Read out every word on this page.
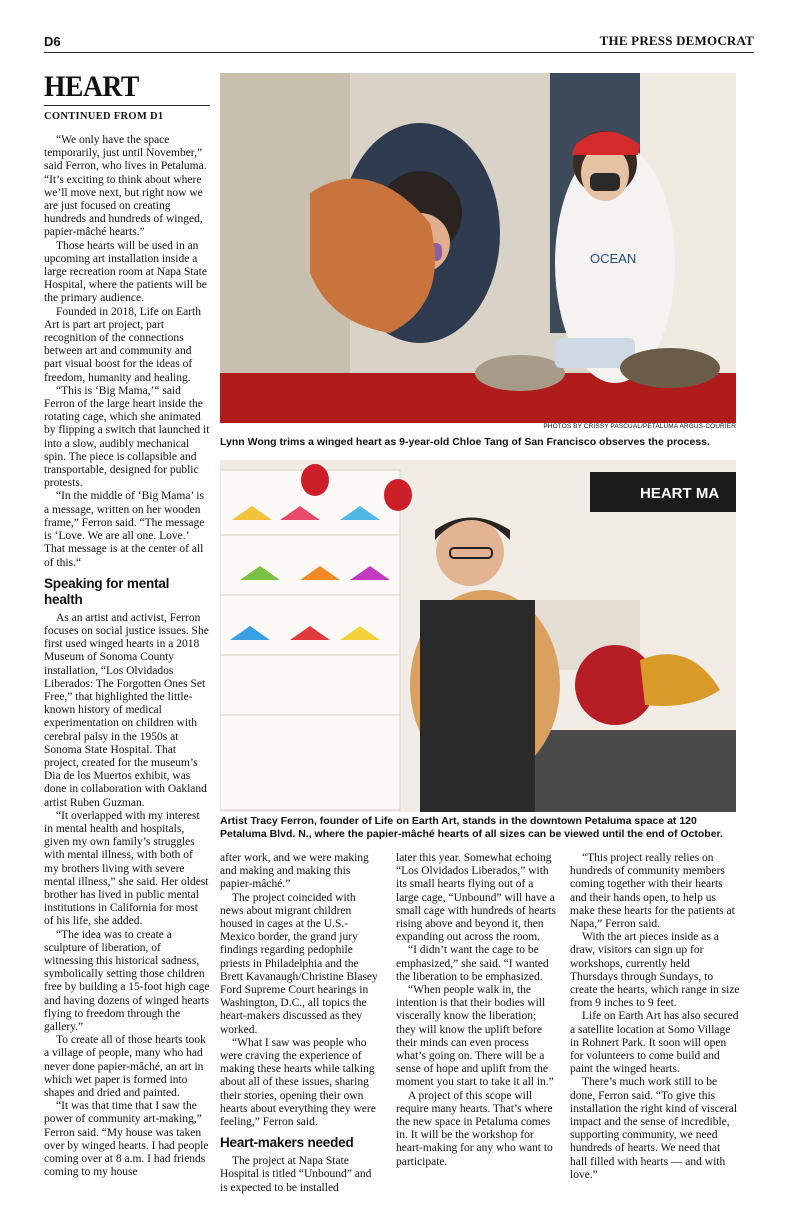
D6	THE PRESS DEMOCRAT
HEART
CONTINUED FROM D1

“We only have the space temporarily, just until November,” said Ferron, who lives in Petaluma. “It’s exciting to think about where we’ll move next, but right now we are just focused on creating hundreds and hundreds of winged, papier-mâché hearts.”

Those hearts will be used in an upcoming art installation inside a large recreation room at Napa State Hospital, where the patients will be the primary audience.

Founded in 2018, Life on Earth Art is part art project, part recognition of the connections between art and community and part visual boost for the ideas of freedom, humanity and healing.

“This is ‘Big Mama,’“ said Ferron of the large heart inside the rotating cage, which she animated by flipping a switch that launched it into a slow, audibly mechanical spin. The piece is collapsible and transportable, designed for public protests.

“In the middle of ‘Big Mama’ is a message, written on her wooden frame,” Ferron said. “The message is ‘Love. We are all one. Love.’ That message is at the center of all of this.“

Speaking for mental health

As an artist and activist, Ferron focuses on social justice issues. She first used winged hearts in a 2018 Museum of Sonoma County installation, “Los Olvidados Liberados: The Forgotten Ones Set Free,” that highlighted the little-known history of medical experimentation on children with cerebral palsy in the 1950s at Sonoma State Hospital. That project, created for the museum’s Dia de los Muertos exhibit, was done in collaboration with Oakland artist Ruben Guzman.

“It overlapped with my interest in mental health and hospitals, given my own family’s struggles with mental illness, with both of my brothers living with severe mental illness,” she said. Her oldest brother has lived in public mental institutions in California for most of his life, she added.

“The idea was to create a sculpture of liberation, of witnessing this historical sadness, symbolically setting those children free by building a 15-foot high cage and having dozens of winged hearts flying to freedom through the gallery.”

To create all of those hearts took a village of people, many who had never done papier-mâché, an art in which wet paper is formed into shapes and dried and painted.

“It was that time that I saw the power of community art-making,” Ferron said. “My house was taken over by winged hearts. I had people coming over at 8 a.m. I had friends coming to my house

OCEAN
PHOTOS BY CRISSY PASCUAL/PETALUMA ARGUS-COURIER
Lynn Wong trims a winged heart as 9-year-old Chloe Tang of San Francisco observes the process.
HEART MA
Artist Tracy Ferron, founder of Life on Earth Art, stands in the downtown Petaluma space at 120 Petaluma Blvd. N., where the papier-mâché hearts of all sizes can be viewed until the end of October.

after work, and we were making and making and making this papier-mâché.”

The project coincided with news about migrant children housed in cages at the U.S.-Mexico border, the grand jury findings regarding pedophile priests in Philadelphia and the Brett Kavanaugh/Christine Blasey Ford Supreme Court hearings in Washington, D.C., all topics the heart-makers discussed as they worked.

“What I saw was people who were craving the experience of making these hearts while talking about all of these issues, sharing their stories, opening their own hearts about everything they were feeling,” Ferron said.

Heart-makers needed

The project at Napa State Hospital is titled “Unbound” and is expected to be installed

later this year. Somewhat echoing “Los Olvidados Liberados,” with its small hearts flying out of a large cage, “Unbound” will have a small cage with hundreds of hearts rising above and beyond it, then expanding out across the room.

“I didn’t want the cage to be emphasized,” she said. “I wanted the liberation to be emphasized.

“When people walk in, the intention is that their bodies will viscerally know the liberation; they will know the uplift before their minds can even process what’s going on. There will be a sense of hope and uplift from the moment you start to take it all in.”

A project of this scope will require many hearts. That’s where the new space in Petaluma comes in. It will be the workshop for heart-making for any who want to participate.

“This project really relies on hundreds of community members coming together with their hearts and their hands open, to help us make these hearts for the patients at Napa,” Ferron said.

With the art pieces inside as a draw, visitors can sign up for workshops, currently held Thursdays through Sundays, to create the hearts, which range in size from 9 inches to 9 feet.

Life on Earth Art has also secured a satellite location at Somo Village in Rohnert Park. It soon will open for volunteers to come build and paint the winged hearts.

There’s much work still to be done, Ferron said. “To give this installation the right kind of visceral impact and the sense of incredible, supporting community, we need hundreds of hearts. We need that hall filled with hearts — and with love.”
